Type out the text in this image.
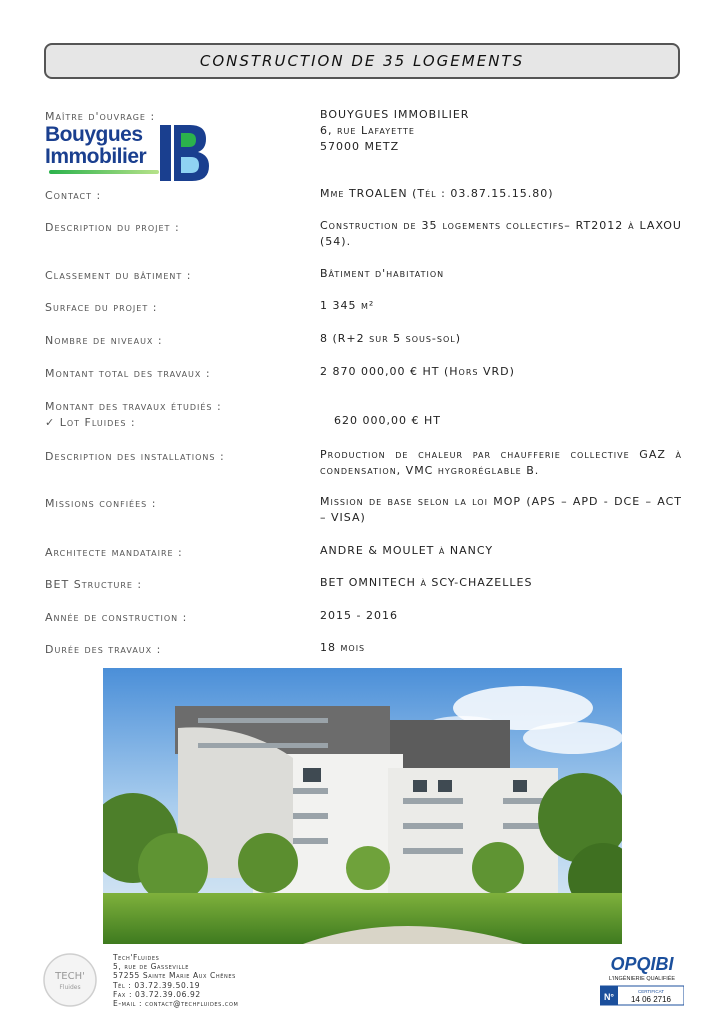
CONSTRUCTION DE 35 LOGEMENTS
Maître d'ouvrage :
Bouygues
Immobilier
BOUYGUES IMMOBILIER
6, rue Lafayette
57000 METZ
Contact :	Mme TROALEN (Tél : 03.87.15.15.80)
Description du projet :	Construction de 35 logements collectifs– RT2012 à LAXOU (54).
Classement du bâtiment :	Bâtiment d'habitation
Surface du projet :	1 345 m²
Nombre de niveaux :	8 (R+2 sur 5 sous-sol)
Montant total des travaux :	2 870 000,00 € HT (Hors VRD)
Montant des travaux étudiés :
✓ Lot Fluides :	620 000,00 € HT
Description des installations :	Production de chaleur par chaufferie collective GAZ à condensation, VMC hygroréglable B.
Missions confiées :	Mission de base selon la loi MOP (APS – APD - DCE – ACT – VISA)
Architecte mandataire :	ANDRE & MOULET à NANCY
BET Structure :	BET OMNITECH à SCY-CHAZELLES
Année de construction :	2015 - 2016
Durée des travaux :	18 mois
TECH'
Fluides
Tech'Fluides
5, rue de Gasseville
57255 Sainte Marie Aux Chênes
Tél : 03.72.39.50.19
Fax : 03.72.39.06.92
E-mail : contact@techfluides.com
OPQIBI
L'INGÉNIERIE QUALIFIÉE
N°
CERTIFICAT
14 06 2716
